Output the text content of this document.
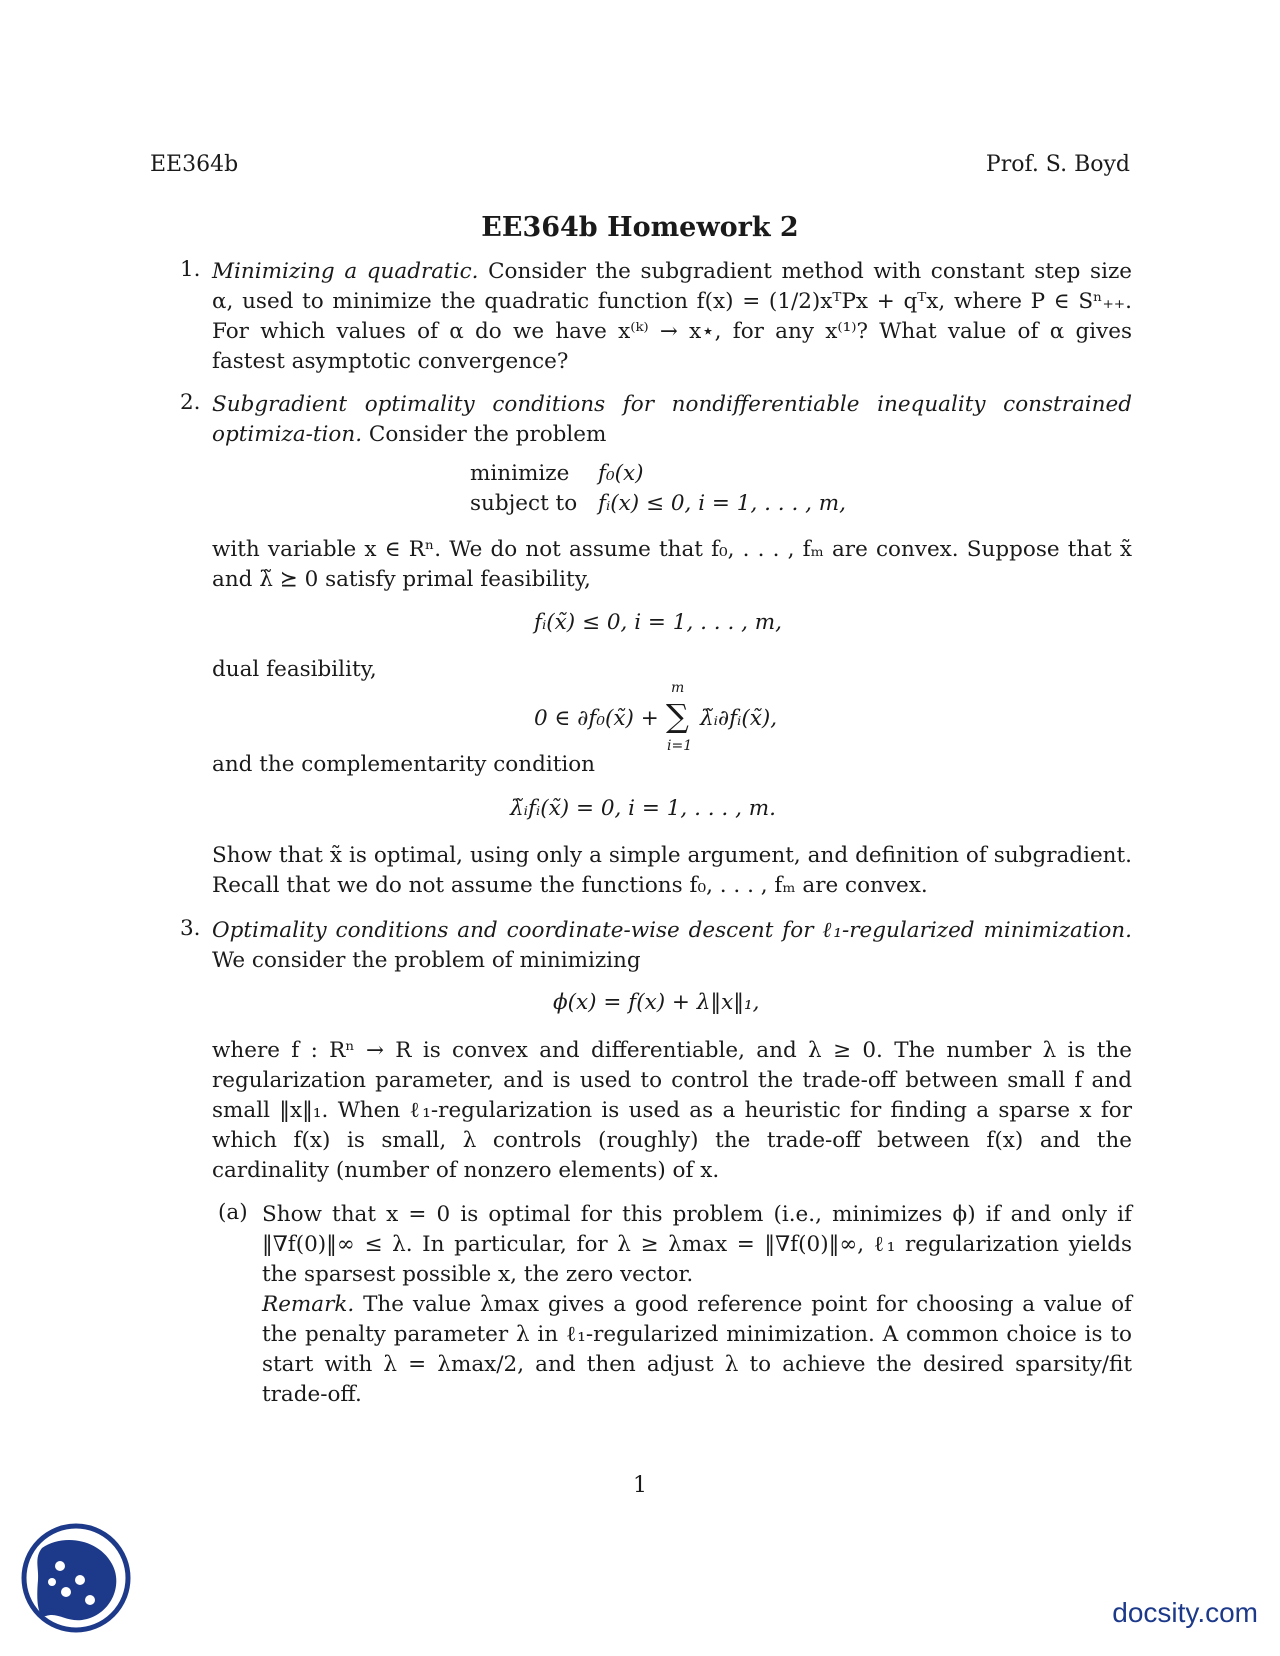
EE364b	Prof. S. Boyd
EE364b Homework 2
1. Minimizing a quadratic. Consider the subgradient method with constant step size α, used to minimize the quadratic function f(x) = (1/2)xᵀPx + qᵀx, where P ∈ Sⁿ₊₊. For which values of α do we have x⁽ᵏ⁾ → x⋆, for any x⁽¹⁾? What value of α gives fastest asymptotic convergence?
2. Subgradient optimality conditions for nondifferentiable inequality constrained optimiza-tion. Consider the problem
minimize f₀(x)
subject to fᵢ(x) ≤ 0, i = 1, . . . , m,
with variable x ∈ Rⁿ. We do not assume that f₀, . . . , fₘ are convex. Suppose that x̃ and λ̃ ⪰ 0 satisfy primal feasibility,
fᵢ(x̃) ≤ 0, i = 1, . . . , m,
dual feasibility,
0 ∈ ∂f₀(x̃) +
m
∑
i=1
λ̃ᵢ∂fᵢ(x̃),
and the complementarity condition
λ̃ᵢfᵢ(x̃) = 0, i = 1, . . . , m.
Show that x̃ is optimal, using only a simple argument, and definition of subgradient. Recall that we do not assume the functions f₀, . . . , fₘ are convex.
3. Optimality conditions and coordinate-wise descent for ℓ₁-regularized minimization. We consider the problem of minimizing
ϕ(x) = f(x) + λ‖x‖₁,
where f : Rⁿ → R is convex and differentiable, and λ ≥ 0. The number λ is the regularization parameter, and is used to control the trade-off between small f and small ‖x‖₁. When ℓ₁-regularization is used as a heuristic for finding a sparse x for which f(x) is small, λ controls (roughly) the trade-off between f(x) and the cardinality (number of nonzero elements) of x.
(a) Show that x = 0 is optimal for this problem (i.e., minimizes ϕ) if and only if ‖∇f(0)‖∞ ≤ λ. In particular, for λ ≥ λmax = ‖∇f(0)‖∞, ℓ₁ regularization yields the sparsest possible x, the zero vector.
Remark. The value λmax gives a good reference point for choosing a value of the penalty parameter λ in ℓ₁-regularized minimization. A common choice is to start with λ = λmax/2, and then adjust λ to achieve the desired sparsity/fit trade-off.
1
docsity.com
